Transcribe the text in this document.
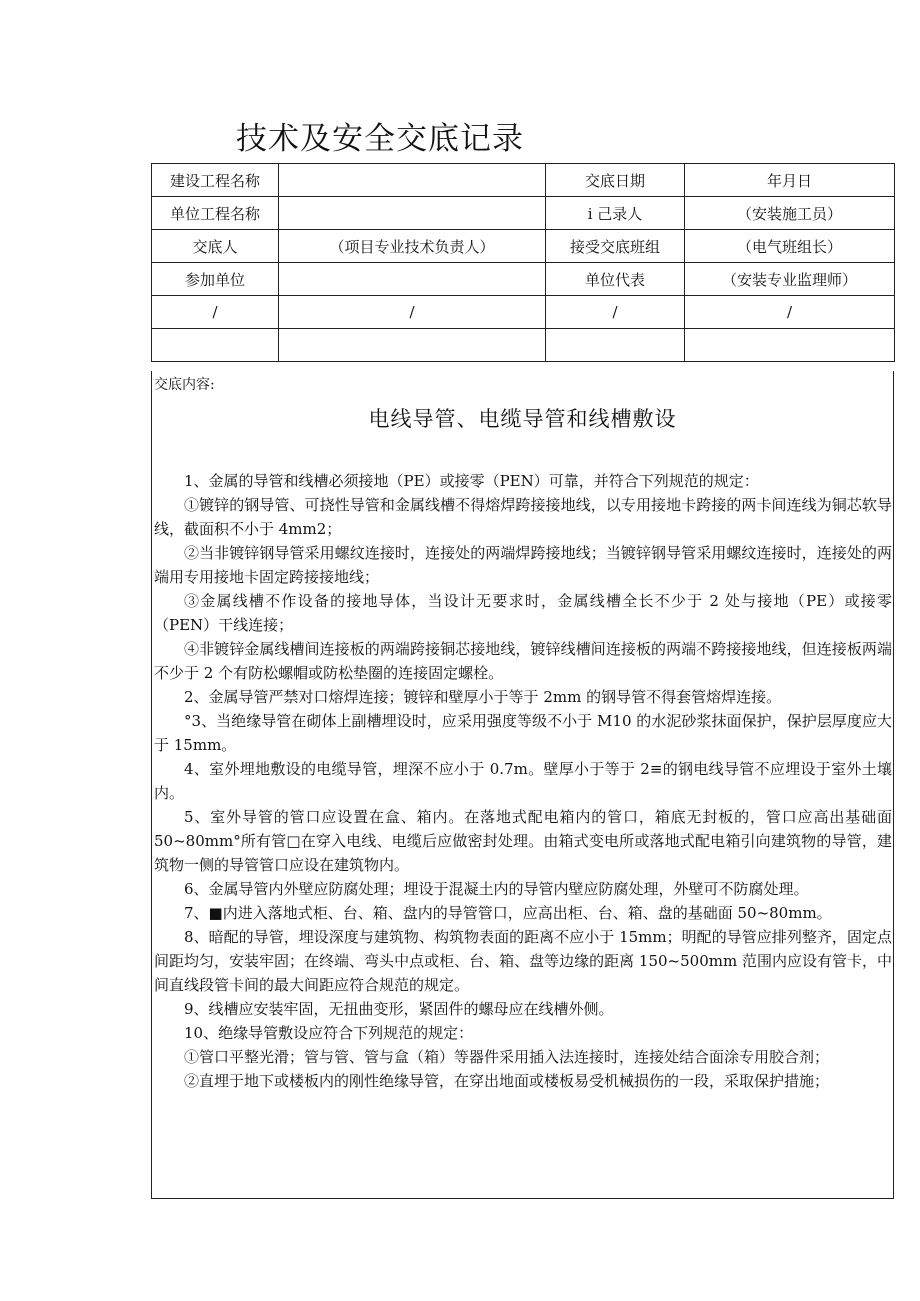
技术及安全交底记录
建设工程名称		交底日期	年月日
单位工程名称		i 己录人	（安装施工员）
交底人	（项目专业技术负责人）	接受交底班组	（电气班组长）
参加单位		单位代表	（安装专业监理师）
/	/	/	/

交底内容:
电线导管、电缆导管和线槽敷设

1、金属的导管和线槽必须接地（PE）或接零（PEN）可靠，并符合下列规范的规定：

①镀锌的钢导管、可挠性导管和金属线槽不得熔焊跨接接地线，以专用接地卡跨接的两卡间连线为铜芯软导线，截面积不小于 4mm2；

②当非镀锌钢导管采用螺纹连接时，连接处的两端焊跨接地线；当镀锌钢导管采用螺纹连接时，连接处的两端用专用接地卡固定跨接接地线；

③金属线槽不作设备的接地导体，当设计无要求时，金属线槽全长不少于 2 处与接地（PE）或接零（PEN）干线连接；

④非镀锌金属线槽间连接板的两端跨接铜芯接地线，镀锌线槽间连接板的两端不跨接接地线，但连接板两端不少于 2 个有防松螺帽或防松垫圈的连接固定螺栓。

2、金属导管严禁对口熔焊连接；镀锌和壁厚小于等于 2mm 的钢导管不得套管熔焊连接。

°3、当绝缘导管在砌体上副槽埋设时，应采用强度等级不小于 M10 的水泥砂浆抹面保护，保护层厚度应大于 15mm。

4、室外埋地敷设的电缆导管，埋深不应小于 0.7m。壁厚小于等于 2≡的钢电线导管不应埋设于室外土壤内。

5、室外导管的管口应设置在盒、箱内。在落地式配电箱内的管口，箱底无封板的，管口应高出基础面 50~80mm°所有管□在穿入电线、电缆后应做密封处理。由箱式变电所或落地式配电箱引向建筑物的导管，建筑物一侧的导管管口应设在建筑物内。

6、金属导管内外壁应防腐处理；埋设于混凝土内的导管内壁应防腐处理，外壁可不防腐处理。

7、■内进入落地式柜、台、箱、盘内的导管管口，应高出柜、台、箱、盘的基础面 50~80mm。

8、暗配的导管，埋设深度与建筑物、构筑物表面的距离不应小于 15mm；明配的导管应排列整齐，固定点间距均匀，安装牢固；在终端、弯头中点或柜、台、箱、盘等边缘的距离 150~500mm 范围内应设有管卡，中间直线段管卡间的最大间距应符合规范的规定。

9、线槽应安装牢固，无扭曲变形，紧固件的螺母应在线槽外侧。

10、绝缘导管敷设应符合下列规范的规定：

①管口平整光滑；管与管、管与盒（箱）等器件采用插入法连接时，连接处结合面涂专用胶合剂；

②直埋于地下或楼板内的刚性绝缘导管，在穿出地面或楼板易受机械损伤的一段，采取保护措施；
